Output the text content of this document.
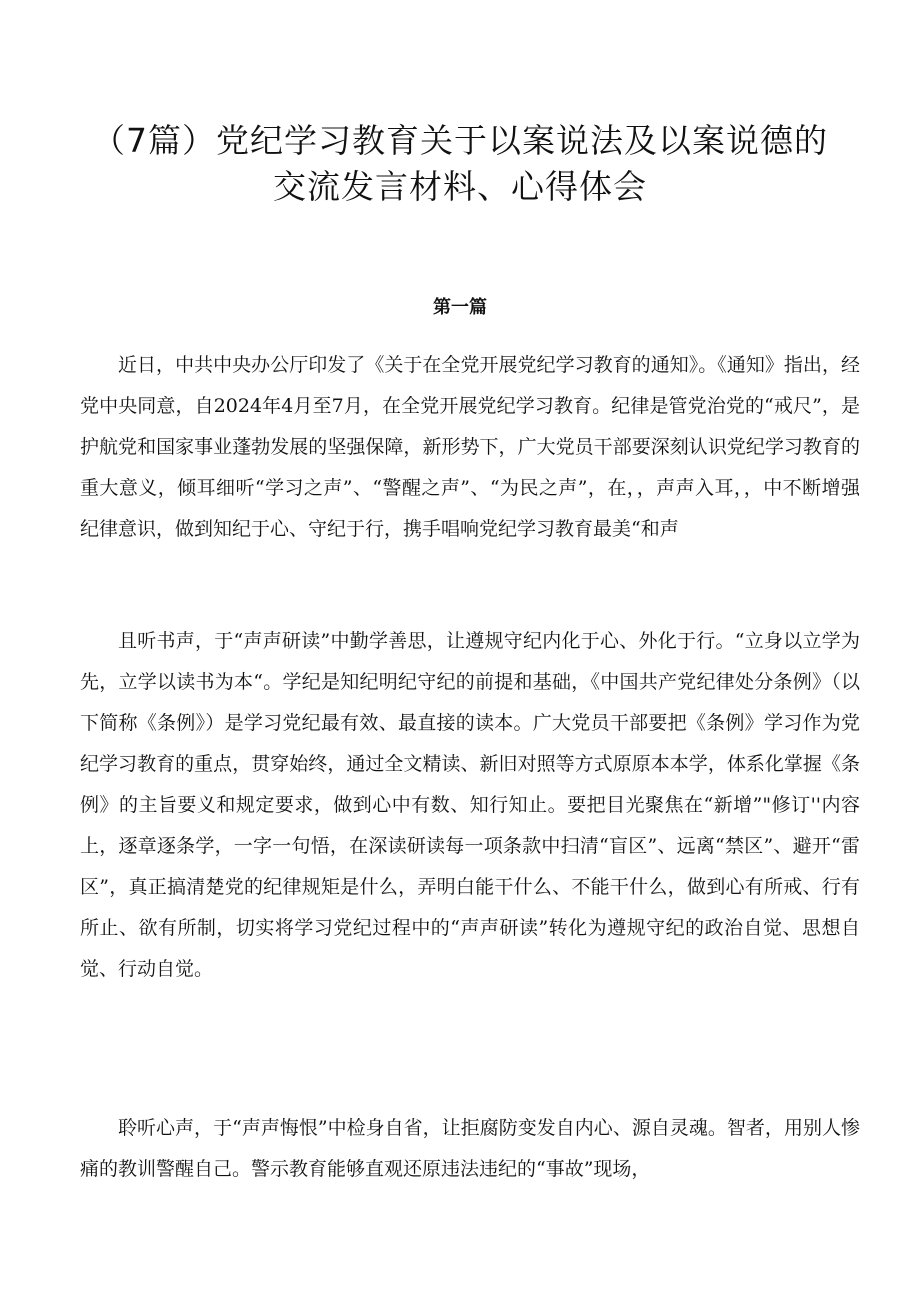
（7篇）党纪学习教育关于以案说法及以案说德的
交流发言材料、心得体会
第一篇

近日，中共中央办公厅印发了《关于在全党开展党纪学习教育的通知》。《通知》指出，经党中央同意，自2024年4月至7月，在全党开展党纪学习教育。纪律是管党治党的“戒尺”，是护航党和国家事业蓬勃发展的坚强保障，新形势下，广大党员干部要深刻认识党纪学习教育的重大意义，倾耳细听“学习之声”、“警醒之声”、“为民之声”，在，，声声入耳，，中不断增强纪律意识，做到知纪于心、守纪于行，携手唱响党纪学习教育最美“和声

且听书声，于“声声研读”中勤学善思，让遵规守纪内化于心、外化于行。“立身以立学为先，立学以读书为本“。学纪是知纪明纪守纪的前提和基础，《中国共产党纪律处分条例》（以下简称《条例》）是学习党纪最有效、最直接的读本。广大党员干部要把《条例》学习作为党纪学习教育的重点，贯穿始终，通过全文精读、新旧对照等方式原原本本学，体系化掌握《条例》的主旨要义和规定要求，做到心中有数、知行知止。要把目光聚焦在“新增”"修订''内容上，逐章逐条学，一字一句悟，在深读研读每一项条款中扫清“盲区”、远离“禁区”、避开“雷区”，真正搞清楚党的纪律规矩是什么，弄明白能干什么、不能干什么，做到心有所戒、行有所止、欲有所制，切实将学习党纪过程中的“声声研读”转化为遵规守纪的政治自觉、思想自觉、行动自觉。

聆听心声，于“声声悔恨”中检身自省，让拒腐防变发自内心、源自灵魂。智者，用别人惨痛的教训警醒自己。警示教育能够直观还原违法违纪的“事故”现场，
